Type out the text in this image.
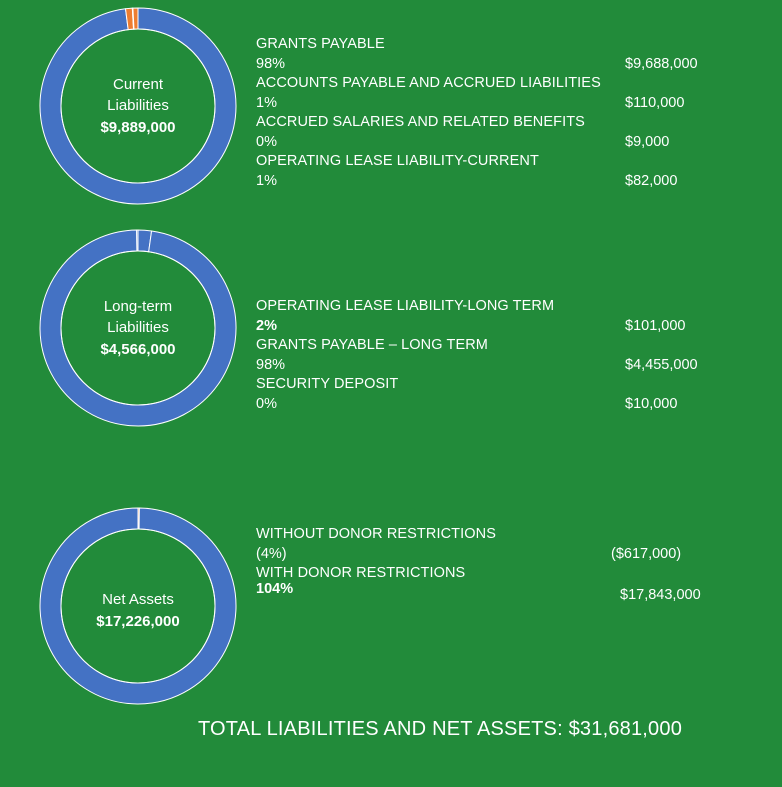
Current
Liabilities
$9,889,000
GRANTS PAYABLE
98%	$9,688,000
ACCOUNTS PAYABLE AND ACCRUED LIABILITIES
1%	$110,000
ACCRUED SALARIES AND RELATED BENEFITS
0%	$9,000
OPERATING LEASE LIABILITY-CURRENT
1%	$82,000
Long-term
Liabilities
$4,566,000
OPERATING LEASE LIABILITY-LONG TERM
2%	$101,000
GRANTS PAYABLE – LONG TERM
98%	$4,455,000
SECURITY DEPOSIT
0%	$10,000
Net Assets
$17,226,000
WITHOUT DONOR RESTRICTIONS
(4%)	($617,000)
WITH DONOR RESTRICTIONS
104%	$17,843,000
TOTAL LIABILITIES AND NET ASSETS: $31,681,000
